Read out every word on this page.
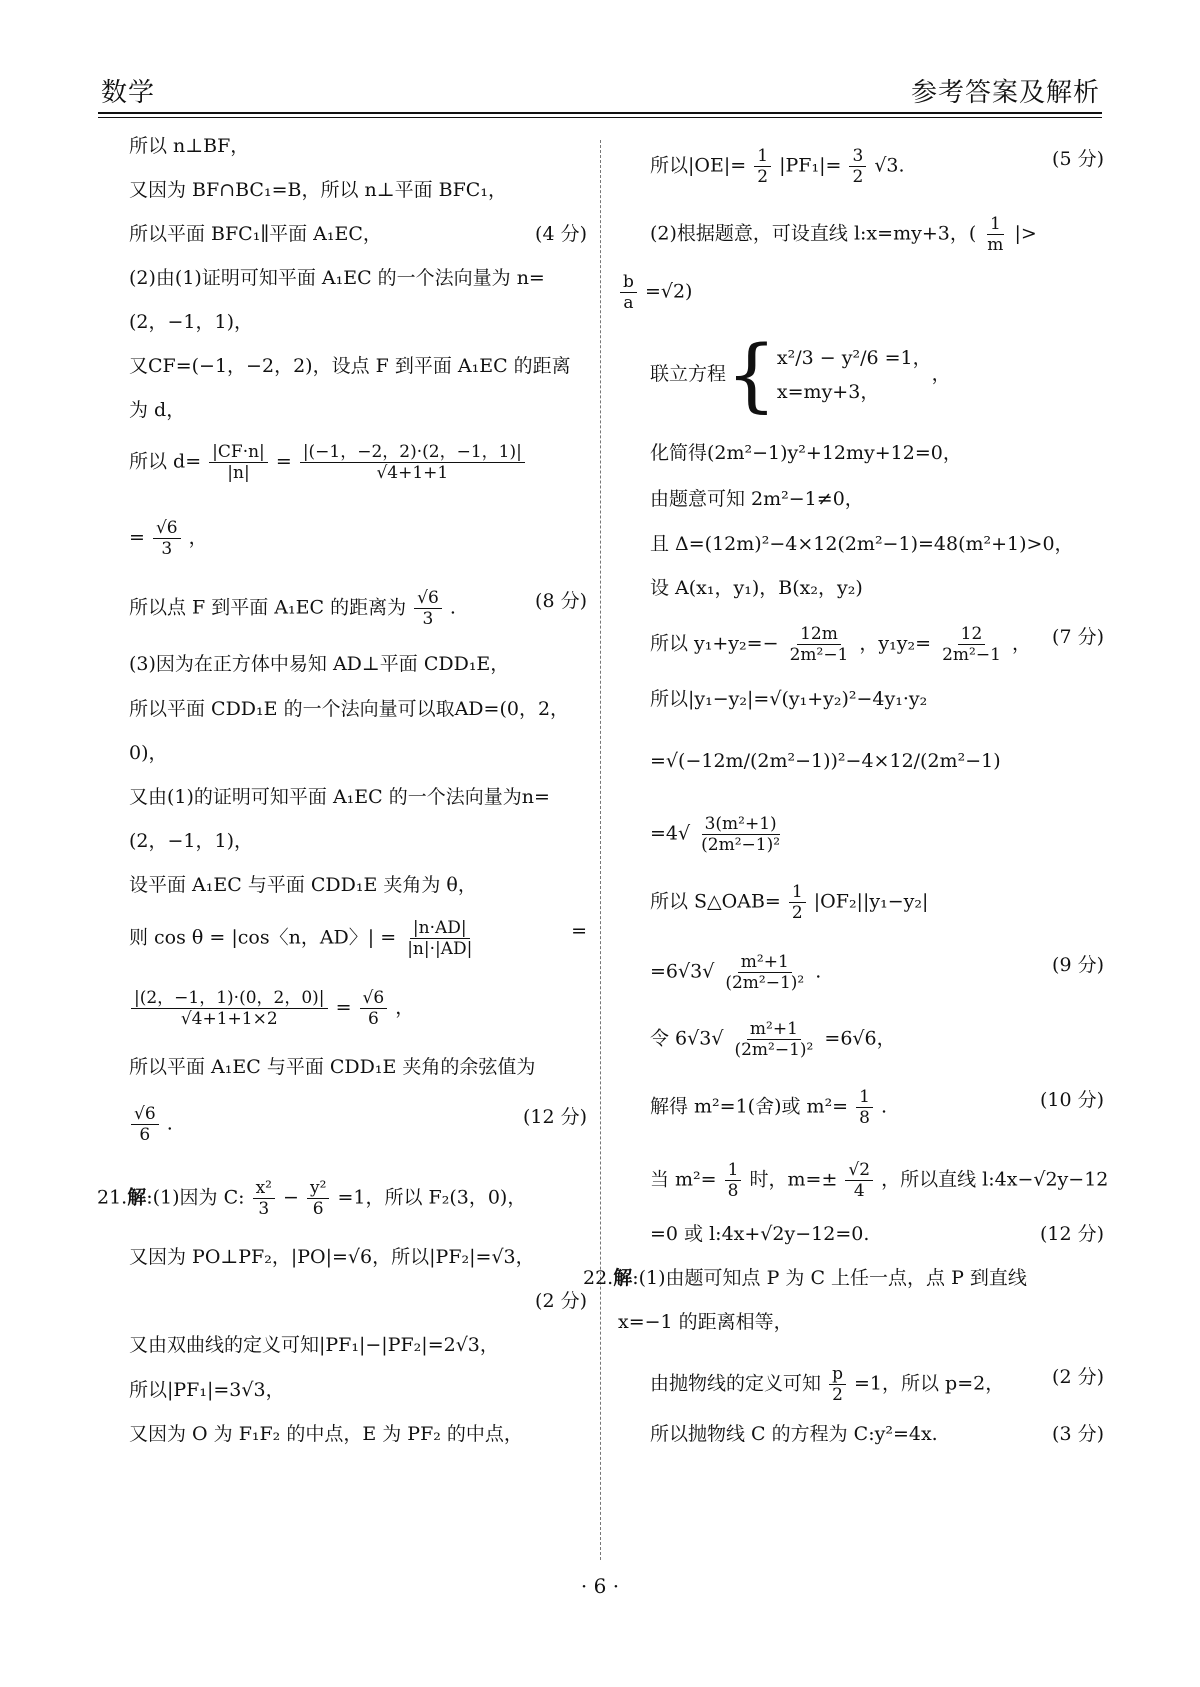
数学	参考答案及解析
所以 n⊥BF，
又因为 BF∩BC₁=B，所以 n⊥平面 BFC₁，
所以平面 BFC₁∥平面 A₁EC，	(4 分)
(2)由(1)证明可知平面 A₁EC 的一个法向量为 n=
(2，−1，1)，
又CF=(−1，−2，2)，设点 F 到平面 A₁EC 的距离
为 d，
所以 $d= \frac{|CF\cdot n|}{|n|} = \frac{|(-1,-2,2)\cdot(2,-1,1)|}{√4+1+1}$
= $\frac{√6}{3}$ ，
所以点 F 到平面 A₁EC 的距离为 $\frac{√6}{3}$ .	(8 分)
(3)因为在正方体中易知 AD⊥平面 CDD₁E，
所以平面 CDD₁E 的一个法向量可以取AD=(0，2，
0)，
又由(1)的证明可知平面 A₁EC 的一个法向量为n=
(2，−1，1)，
设平面 A₁EC 与平面 CDD₁E 夹角为 θ，
则 cos θ = |cos〈n，AD〉| = $\frac{|n\cdot AD|}{|n|\cdot|AD|}$	=
$\frac{|(2,-1,1)\cdot(0,2,0)|}{√4+1+1\times 2} = \frac{√6}{6}$ ，
所以平面 A₁EC 与平面 CDD₁E 夹角的余弦值为
$\frac{√6}{6}$ .	(12 分)
21.解:(1)因为 C: $\frac{\text{x²}}{3} - \frac{\text{y²}}{6} =1$，所以 F₂(3，0)，
又因为 PO⊥PF₂，|PO|=√6，所以|PF₂|=√3，
(2 分)
又由双曲线的定义可知|PF₁|−|PF₂|=2√3，
所以|PF₁|=3√3，
又因为 O 为 F₁F₂ 的中点，E 为 PF₂ 的中点，
所以$|OE|= \frac{1}{2} |PF_1|= \frac{3}{2} √3$.	(5 分)
(2)根据题意，可设直线 l:x=my+3，( $\frac{1}{m}$ |>
$\frac{b}{a} =√2$)
联立方程{ x²/3 − y²/6 =1，
x=my+3，
，
化简得(2m²−1)y²+12my+12=0，
由题意可知 2m²−1≠0，
且 Δ=(12m)²−4×12(2m²−1)=48(m²+1)>0，
设 A(x₁，y₁)，B(x₂，y₂)
所以 $y_1+y_2=- \frac{12m}{\text{2m²−1}}$ ，$y_1y_2= \frac{12}{\text{2m²−1}}$ ， (7 分)
所以|y₁−y₂|=√(y₁+y₂)²−4y₁·y₂
=√(−12m/(2m²−1))²−4×12/(2m²−1)
$=4√ \frac{\text{3(m²+1)}}{\text{(2m²−1)²}}$
所以 S△OAB= $\frac{1}{2} |OF_2||y_1-y_2|$
$=6√3√ \frac{\text{m²+1}}{\text{(2m²−1)²}}$ .	(9 分)
令 $6√3√ \frac{\text{m²+1}}{\text{(2m²−1)²}} =6√6$，
解得 m²=1(舍)或 $m^2= \frac{1}{8}$ .	(10 分)
当 $m^2= \frac{1}{8}$ 时，$m=\pm \frac{√2}{4}$ ，所以直线 l:4x−√2y−12
=0 或 l:4x+√2y−12=0.	(12 分)
22.解:(1)由题可知点 P 为 C 上任一点，点 P 到直线
x=−1 的距离相等，
由抛物线的定义可知 $\frac{p}{2} =1$，所以 p=2，	(2 分)
所以抛物线 C 的方程为 C:y²=4x.	(3 分)
· 6 ·
